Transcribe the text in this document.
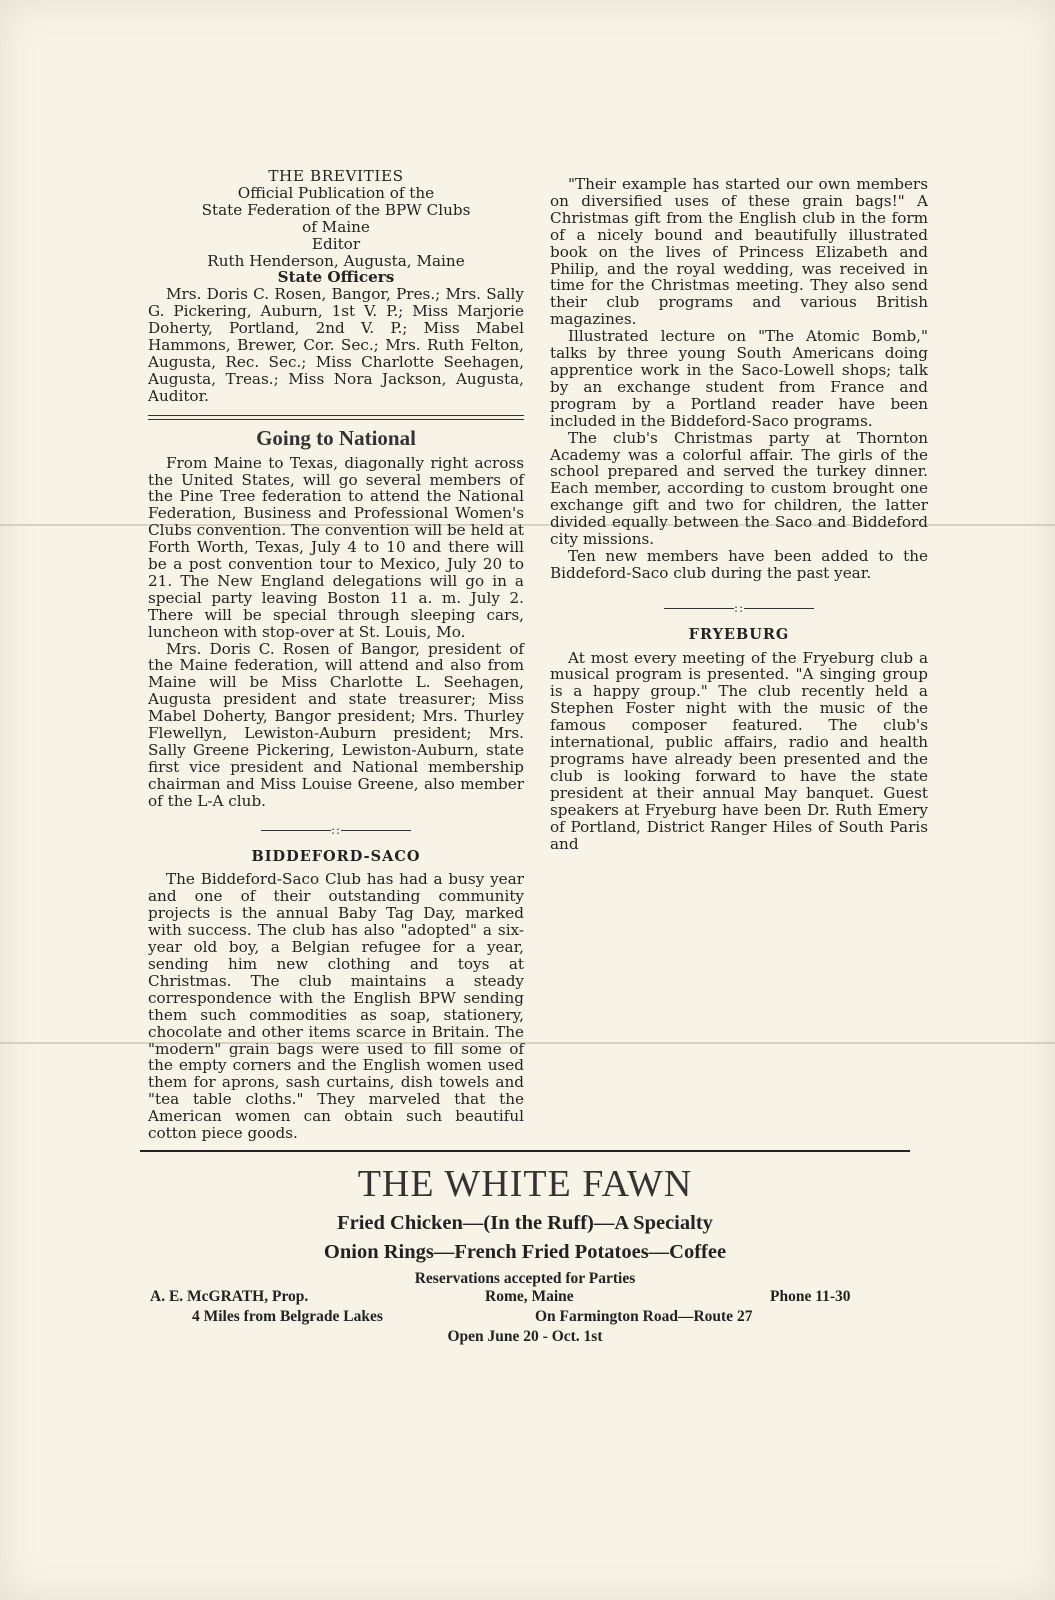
THE BREVITIES

Official Publication of the

State Federation of the BPW Clubs

of Maine

Editor

Ruth Henderson, Augusta, Maine

State Officers

Mrs. Doris C. Rosen, Bangor, Pres.; Mrs. Sally G. Pickering, Auburn, 1st V. P.; Miss Marjorie Doherty, Portland, 2nd V. P.; Miss Mabel Hammons, Brewer, Cor. Sec.; Mrs. Ruth Felton, Augusta, Rec. Sec.; Miss Charlotte Seehagen, Augusta, Treas.; Miss Nora Jackson, Augusta, Auditor.

Going to National

From Maine to Texas, diagonally right across the United States, will go several members of the Pine Tree federation to attend the National Federation, Business and Professional Women's Clubs convention. The convention will be held at Forth Worth, Texas, July 4 to 10 and there will be a post convention tour to Mexico, July 20 to 21. The New England delegations will go in a special party leaving Boston 11 a. m. July 2. There will be special through sleeping cars, luncheon with stop-over at St. Louis, Mo.

Mrs. Doris C. Rosen of Bangor, president of the Maine federation, will attend and also from Maine will be Miss Charlotte L. Seehagen, Augusta president and state treasurer; Miss Mabel Doherty, Bangor president; Mrs. Thurley Flewellyn, Lewiston-Auburn president; Mrs. Sally Greene Pickering, Lewiston-Auburn, state first vice president and National membership chairman and Miss Louise Greene, also member of the L-A club.

::
BIDDEFORD-SACO

The Biddeford-Saco Club has had a busy year and one of their outstanding community projects is the annual Baby Tag Day, marked with success. The club has also "adopted" a six-year old boy, a Belgian refugee for a year, sending him new clothing and toys at Christmas. The club maintains a steady correspondence with the English BPW sending them such commodities as soap, stationery, chocolate and other items scarce in Britain. The "modern" grain bags were used to fill some of the empty corners and the English women used them for aprons, sash curtains, dish towels and "tea table cloths." They marveled that the American women can obtain such beautiful cotton piece goods.

"Their example has started our own members on diversified uses of these grain bags!" A Christmas gift from the English club in the form of a nicely bound and beautifully illustrated book on the lives of Princess Elizabeth and Philip, and the royal wedding, was received in time for the Christmas meeting. They also send their club programs and various British magazines.

Illustrated lecture on "The Atomic Bomb," talks by three young South Americans doing apprentice work in the Saco-Lowell shops; talk by an exchange student from France and program by a Portland reader have been included in the Biddeford-Saco programs.

The club's Christmas party at Thornton Academy was a colorful affair. The girls of the school prepared and served the turkey dinner. Each member, according to custom brought one exchange gift and two for children, the latter divided equally between the Saco and Biddeford city missions.

Ten new members have been added to the Biddeford-Saco club during the past year.

::
FRYEBURG

At most every meeting of the Fryeburg club a musical program is presented. "A singing group is a happy group." The club recently held a Stephen Foster night with the music of the famous composer featured. The club's international, public affairs, radio and health programs have already been presented and the club is looking forward to have the state president at their annual May banquet. Guest speakers at Fryeburg have been Dr. Ruth Emery of Portland, District Ranger Hiles of South Paris and

THE WHITE FAWN
Fried Chicken—(In the Ruff)—A Specialty
Onion Rings—French Fried Potatoes—Coffee
Reservations accepted for Parties
A. E. McGRATH, Prop.	Rome, Maine	Phone 11-30
4 Miles from Belgrade Lakes	On Farmington Road—Route 27
Open June 20 - Oct. 1st
